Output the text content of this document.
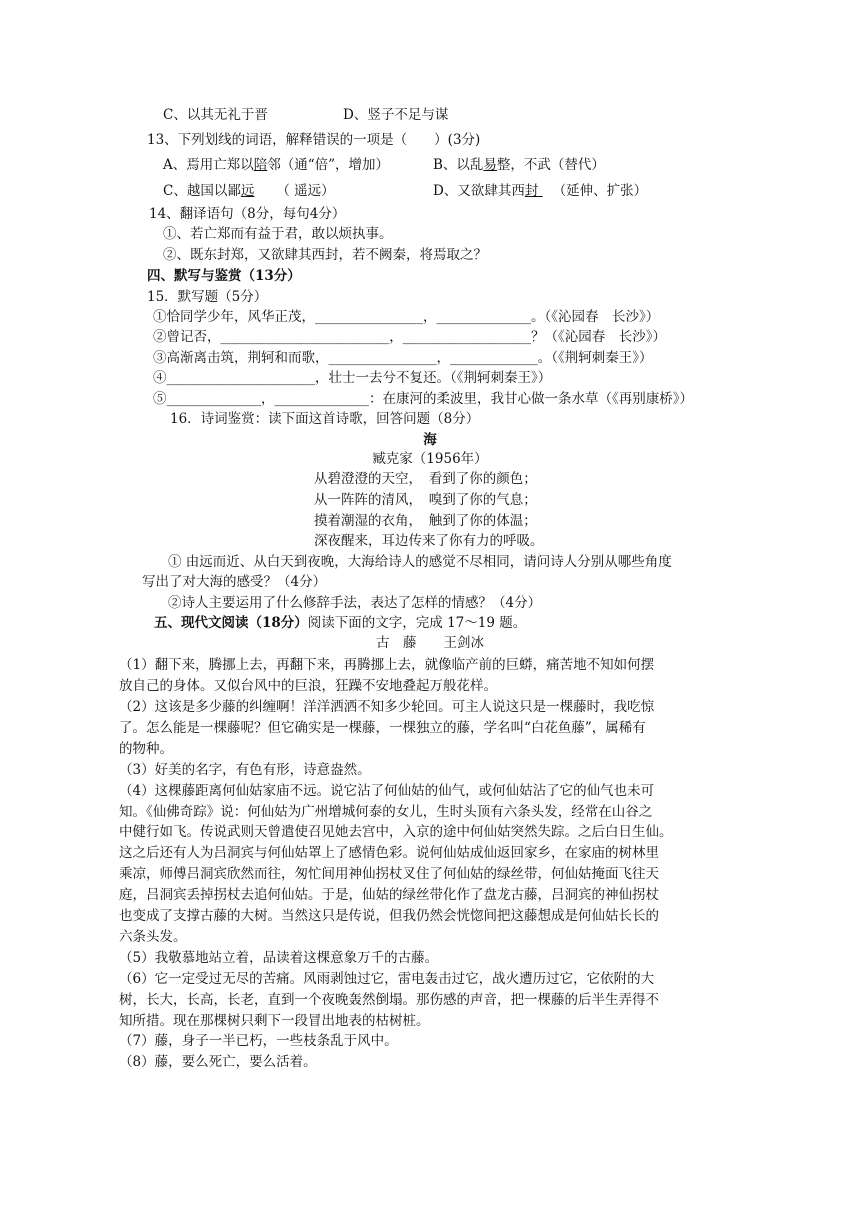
C、以其无礼于晋	D、竖子不足与谋
13、下列划线的词语，解释错误的一项是（　　）(3分)
A、焉用亡郑以陪邻（通“倍”，增加）	B、以乱易整，不武（替代）
C、越国以鄙远 （ 遥远）	D、又欲肆其西封 （延伸、扩张）
14、翻译语句（8分，每句4分）
①、若亡郑而有益于君，敢以烦执事。
②、既东封郑，又欲肆其西封，若不阙秦，将焉取之？
四、默写与鉴赏（13分）
15．默写题（5分）
①恰同学少年，风华正茂，________________，______________。（《沁园春　长沙》）
②曾记否，_________________________，___________________？（《沁园春　长沙》）
③高渐离击筑，荆轲和而歌，________________，_____________。（《荆轲刺秦王》）
④______________________，壮士一去兮不复还。（《荆轲刺秦王》）
⑤______________，______________：在康河的柔波里，我甘心做一条水草（《再别康桥》）
16．诗词鉴赏：读下面这首诗歌，回答问题（8分）
海
臧克家（1956年）
从碧澄澄的天空，　看到了你的颜色；
从一阵阵的清风，　嗅到了你的气息；
摸着潮湿的衣角，　触到了你的体温；
深夜醒来，耳边传来了你有力的呼吸。
① 由远而近、从白天到夜晚，大海给诗人的感觉不尽相同，请问诗人分别从哪些角度
写出了对大海的感受？（4分）
②诗人主要运用了什么修辞手法，表达了怎样的情感？（4分）
五、现代文阅读（18分）阅读下面的文字，完成 17～19 题。
古　藤　　王剑冰
（1）翻下来，腾挪上去，再翻下来，再腾挪上去，就像临产前的巨蟒，痛苦地不知如何摆
放自己的身体。又似台风中的巨浪，狂躁不安地叠起万般花样。
（2）这该是多少藤的纠缠啊！洋洋洒洒不知多少轮回。可主人说这只是一棵藤时，我吃惊
了。怎么能是一棵藤呢？但它确实是一棵藤，一棵独立的藤，学名叫“白花鱼藤”，属稀有
的物种。
（3）好美的名字，有色有形，诗意盎然。
（4）这棵藤距离何仙姑家庙不远。说它沾了何仙姑的仙气，或何仙姑沾了它的仙气也未可
知。《仙佛奇踪》说：何仙姑为广州增城何泰的女儿，生时头顶有六条头发，经常在山谷之
中健行如飞。传说武则天曾遣使召见她去宫中，入京的途中何仙姑突然失踪。之后白日生仙。
这之后还有人为吕洞宾与何仙姑罩上了感情色彩。说何仙姑成仙返回家乡，在家庙的树林里
乘凉，师傅吕洞宾欣然而往，匆忙间用神仙拐杖叉住了何仙姑的绿丝带，何仙姑掩面飞往天
庭，吕洞宾丢掉拐杖去追何仙姑。于是，仙姑的绿丝带化作了盘龙古藤，吕洞宾的神仙拐杖
也变成了支撑古藤的大树。当然这只是传说，但我仍然会恍惚间把这藤想成是何仙姑长长的
六条头发。
（5）我敬慕地站立着，品读着这棵意象万千的古藤。
（6）它一定受过无尽的苦痛。风雨剥蚀过它，雷电轰击过它，战火遭历过它，它依附的大
树，长大，长高，长老，直到一个夜晚轰然倒塌。那伤感的声音，把一棵藤的后半生弄得不
知所措。现在那棵树只剩下一段冒出地表的枯树桩。
（7）藤，身子一半已朽，一些枝条乱于风中。
（8）藤，要么死亡，要么活着。
